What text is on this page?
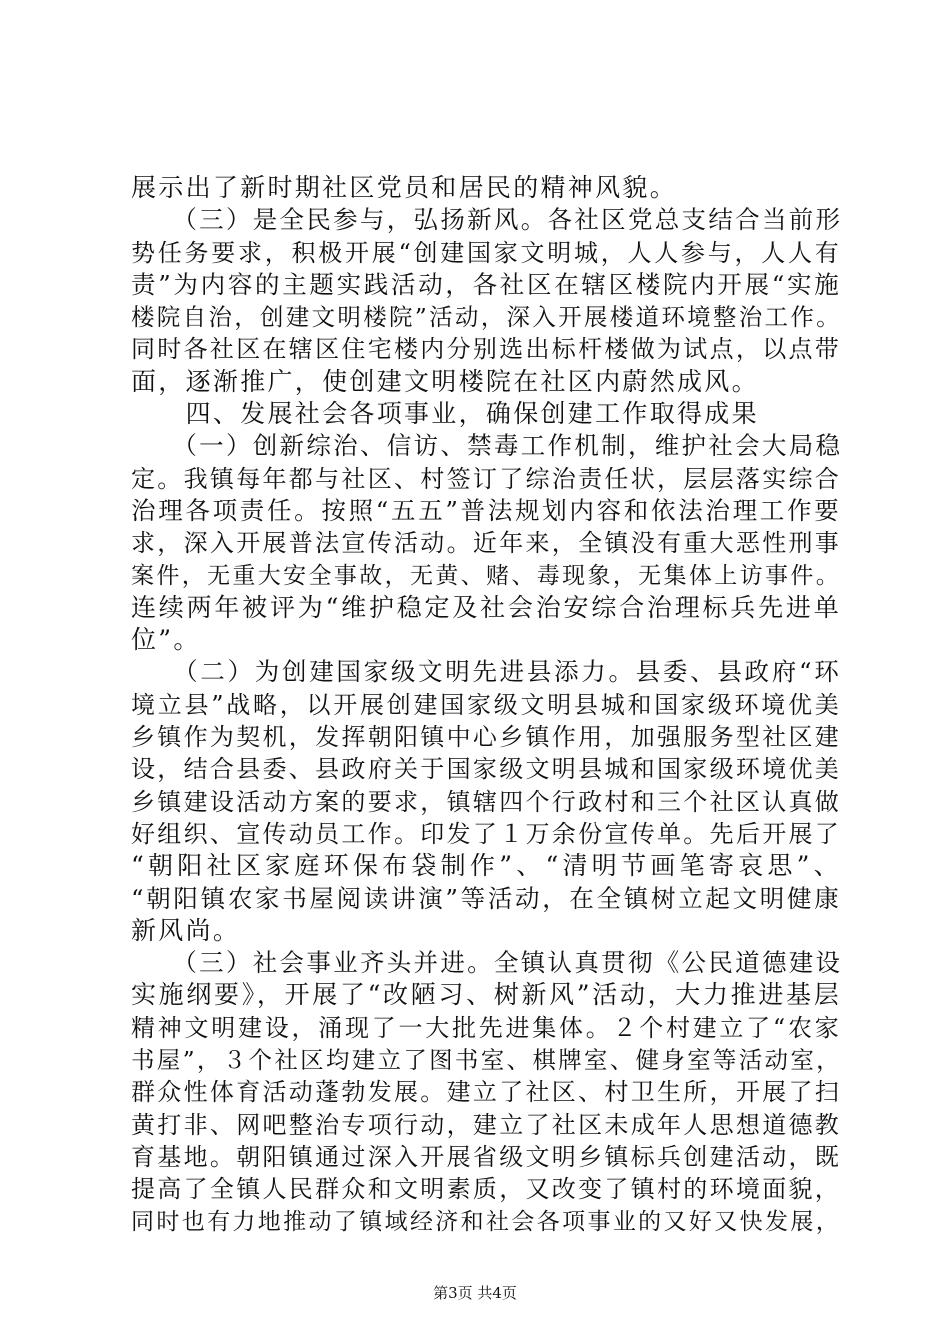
展示出了新时期社区党员和居民的精神风貌。
　　（三）是全民参与，弘扬新风。各社区党总支结合当前形
势任务要求，积极开展“创建国家文明城，人人参与，人人有
责”为内容的主题实践活动，各社区在辖区楼院内开展“实施
楼院自治，创建文明楼院”活动，深入开展楼道环境整治工作。
同时各社区在辖区住宅楼内分别选出标杆楼做为试点，以点带
面，逐渐推广，使创建文明楼院在社区内蔚然成风。
　　四、发展社会各项事业，确保创建工作取得成果
　　（一）创新综治、信访、禁毒工作机制，维护社会大局稳
定。我镇每年都与社区、村签订了综治责任状，层层落实综合
治理各项责任。按照“五五”普法规划内容和依法治理工作要
求，深入开展普法宣传活动。近年来，全镇没有重大恶性刑事
案件，无重大安全事故，无黄、赌、毒现象，无集体上访事件。
连续两年被评为“维护稳定及社会治安综合治理标兵先进单
位”。
　　（二）为创建国家级文明先进县添力。县委、县政府“环
境立县”战略，以开展创建国家级文明县城和国家级环境优美
乡镇作为契机，发挥朝阳镇中心乡镇作用，加强服务型社区建
设，结合县委、县政府关于国家级文明县城和国家级环境优美
乡镇建设活动方案的要求，镇辖四个行政村和三个社区认真做
好组织、宣传动员工作。印发了１万余份宣传单。先后开展了
“朝阳社区家庭环保布袋制作”、“清明节画笔寄哀思”、
“朝阳镇农家书屋阅读讲演”等活动，在全镇树立起文明健康
新风尚。
　　（三）社会事业齐头并进。全镇认真贯彻《公民道德建设
实施纲要》，开展了“改陋习、树新风”活动，大力推进基层
精神文明建设，涌现了一大批先进集体。２个村建立了“农家
书屋”，３个社区均建立了图书室、棋牌室、健身室等活动室，
群众性体育活动蓬勃发展。建立了社区、村卫生所，开展了扫
黄打非、网吧整治专项行动，建立了社区未成年人思想道德教
育基地。朝阳镇通过深入开展省级文明乡镇标兵创建活动，既
提高了全镇人民群众和文明素质，又改变了镇村的环境面貌，
同时也有力地推动了镇域经济和社会各项事业的又好又快发展，
第3页 共4页
